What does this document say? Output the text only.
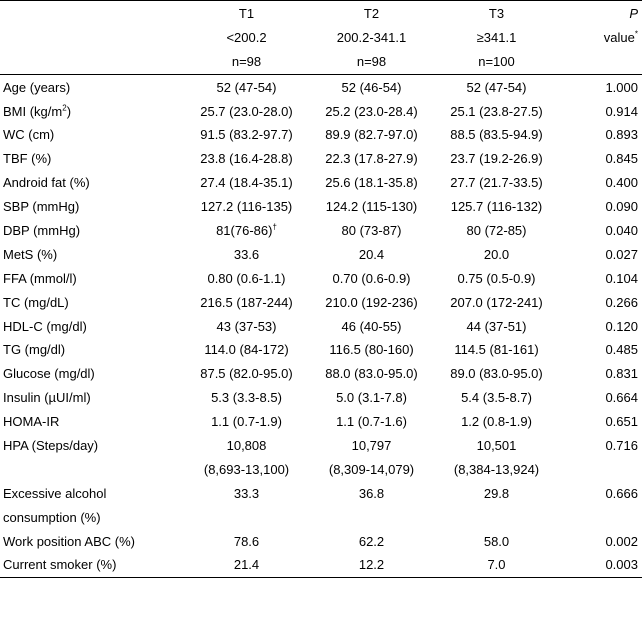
	T1	T2	T3	P
	<200.2	200.2-341.1	≥341.1	value*
	n=98	n=98	n=100	
Age (years)	52 (47-54)	52 (46-54)	52 (47-54)	1.000
BMI $(kg/m^2)$	25.7 (23.0-28.0)	25.2 (23.0-28.4)	25.1 (23.8-27.5)	0.914
WC (cm)	91.5 (83.2-97.7)	89.9 (82.7-97.0)	88.5 (83.5-94.9)	0.893
TBF (%)	23.8 (16.4-28.8)	22.3 (17.8-27.9)	23.7 (19.2-26.9)	0.845
Android fat (%)	27.4 (18.4-35.1)	25.6 (18.1-35.8)	27.7 (21.7-33.5)	0.400
SBP (mmHg)	127.2 (116-135)	124.2 (115-130)	125.7 (116-132)	0.090
DBP (mmHg)	81(76-86)†	80 (73-87)	80 (72-85)	0.040
MetS (%)	33.6	20.4	20.0	0.027
FFA (mmol/l)	0.80 (0.6-1.1)	0.70 (0.6-0.9)	0.75 (0.5-0.9)	0.104
TC (mg/dL)	216.5 (187-244)	210.0 (192-236)	207.0 (172-241)	0.266
HDL-C (mg/dl)	43 (37-53)	46 (40-55)	44 (37-51)	0.120
TG (mg/dl)	114.0 (84-172)	116.5 (80-160)	114.5 (81-161)	0.485
Glucose (mg/dl)	87.5 (82.0-95.0)	88.0 (83.0-95.0)	89.0 (83.0-95.0)	0.831
Insulin (µUI/ml)	5.3 (3.3-8.5)	5.0 (3.1-7.8)	5.4 (3.5-8.7)	0.664
HOMA-IR	1.1 (0.7-1.9)	1.1 (0.7-1.6)	1.2 (0.8-1.9)	0.651
HPA (Steps/day)	10,808	10,797	10,501	0.716
	(8,693-13,100)	(8,309-14,079)	(8,384-13,924)	
Excessive alcohol	33.3	36.8	29.8	0.666
consumption (%)				
Work position ABC (%)	78.6	62.2	58.0	0.002
Current smoker (%)	21.4	12.2	7.0	0.003
